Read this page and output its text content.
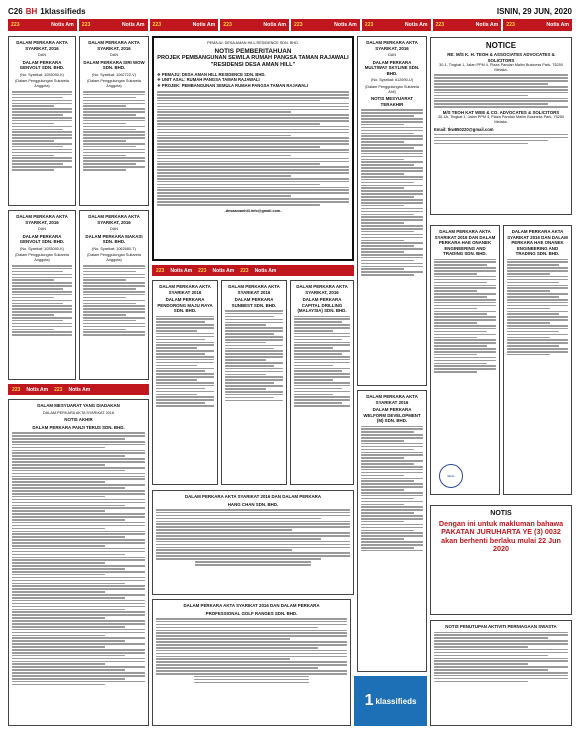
C26 BH 1klassifieds	ISNIN, 29 JUN, 2020
223	Notis Am 223	Notis Am 223	Notis Am 223	Notis Am 223	Notis Am 223	Notis Am 223	Notis Am 223	Notis Am
DALAM PERKARA AKTA SYARIKAT, 2016
DAN
DALAM PERKARA GENVOLT SDN. BHD.
(No. Syarikat: 1053090-K)
(Dalam Penggulungan Sukarela Anggota)
DALAM PERKARA AKTA SYARIKAT, 2016
DAN
DALAM PERKARA GENVOLT SDN. BHD.
(No. Syarikat: 1053090-K)
(Dalam Penggulungan Sukarela Anggota)
DALAM PERKARA AKTA SYARIKAT, 2016
DAN
DALAM PERKARA SIRI WOW SDN. BHD.
(No. Syarikat: 1062722-V)
(Dalam Penggulungan Sukarela Anggota)
DALAM PERKARA AKTA SYARIKAT, 2016
DAN
DALAM PERKARA MAKASI SDN. BHD.
(No. Syarikat: 1062680-T)
(Dalam Penggulungan Sukarela Anggota)
PEMAJU: DESA AMAN HILL RESIDENCE SDN. BHD.
NOTIS PEMBERITAHUAN
PROJEK PEMBANGUNAN SEWILA RUMAH PANGSA TAMAN RAJAWALI
"RESIDENSI DESA AMAN HILL"
❖ PEMAJU: DESA AMAN HILL RESIDENCE SDN. BHD.
❖ UNIT ASAL: RUMAH PANGSA TAMAN RAJAWALI
❖ PROJEK: PEMBANGUNAN SEMULA RUMAH PANGSA TAMAN RAJAWALI
-desaamanhill.info@gmail.com-
DALAM PERKARA AKTA SYARIKAT, 2016
DAN
DALAM PERKARA MULTIWAY SKYLINE SDN. BHD.
(No. Syarikat: 612690-U)
(Dalam Penggulungan Sukarela Ahli)
NOTIS MESYUARAT TERAKHIR
NOTICE
RE: M/S K. H. TEOH & ASSOCIATES ADVOCATES & SOLICITORS
30-1, Tingkat 1, Jalan PPM 4, Plaza Pandan Malim Business Park, 75250 Melaka.
M/S TEOH KAT WEE & CO. ADVOCATES & SOLICITORS
30-1A, Tingkat 1, Jalan PPM 4, Plaza Pandan Malim Business Park, 75250 Melaka.
Email: tkw850220@gmail.com
DALAM PERKARA AKTA SYARIKAT 2016 DAN DALAM PERKARA HAE ONANEK ENGINEERING AND TRADING SDN. BHD.
SEAL
DALAM PERKARA AKTA SYARIKAT 2016 DAN DALAM PERKARA HAE ONANEK ENGINEERING AND TRADING SDN. BHD.
NOTIS
Dengan ini untuk makluman bahawa PAKATAN JURUHARTA YE (3) 0032 akan berhenti berlaku mulai 22 Jun 2020
NOTIS PENUTUPAN AKTIVITI PERNIAGAAN SWASTA
223 Notis Am 223 Notis Am 223 Notis Am
DALAM PERKARA AKTA SYARIKAT 2016
DALAM PERKARA PENDORONG MAJU RAYA SDN. BHD.
DALAM PERKARA AKTA SYARIKAT 2016
DALAM PERKARA SUNBEST SDN. BHD.
DALAM PERKARA AKTA SYARIKAT, 2016
DALAM PERKARA CAPITAL DRILLING (MALAYSIA) SDN. BHD.
DALAM PERKARA AKTA SYARIKAT 2016
DALAM PERKARA WELFORM DEVELOPMENT (M) SDN. BHD.
223 Notis Am 223 Notis Am
DALAM MESYUARAT YANG DIADAKAN
DALAM PERKARA AKTA SYARIKAT 2016
NOTIS AKHIR
DALAM PERKARA PANJI TERUS SDN. BHD.
DALAM PERKARA AKTA SYARIKAT 2016 DAN DALAM PERKARA
HANG CHAN SDN. BHD.
DALAM PERKARA AKTA SYARIKAT 2016 DAN DALAM PERKARA
PROFESSIONAL GOLF RANGES SDN. BHD.
1 klassifieds
